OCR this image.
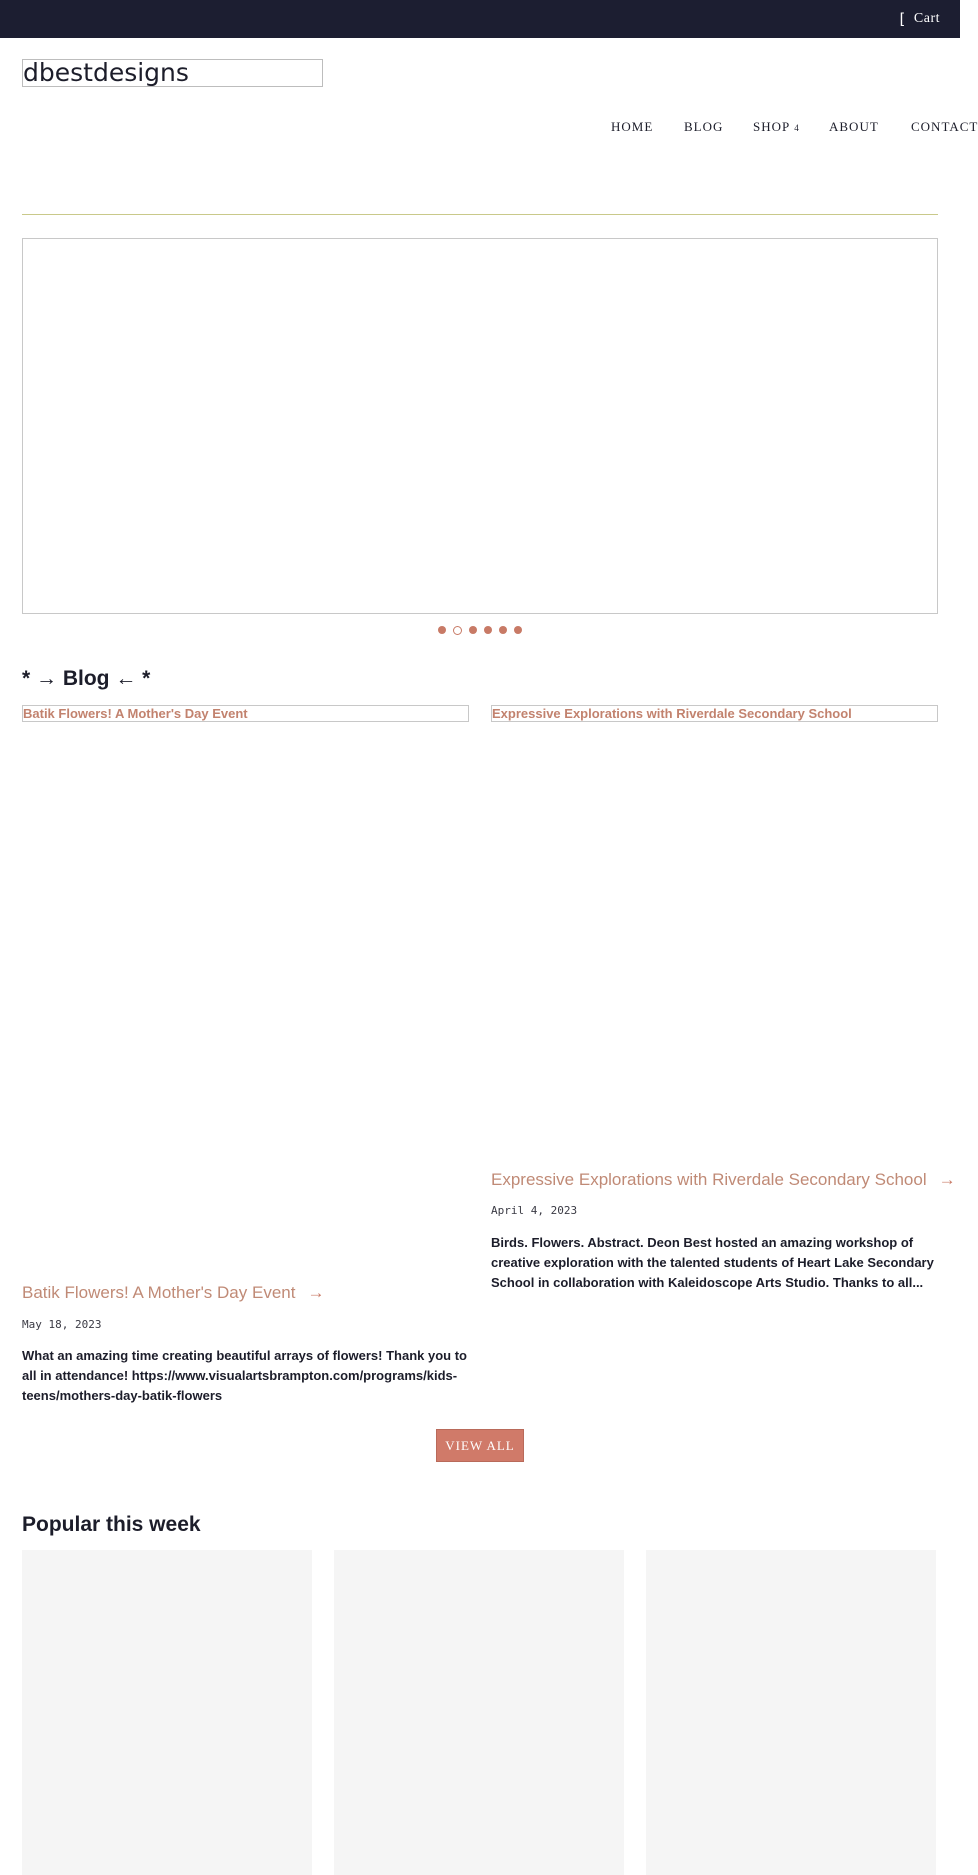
[ Cart
dbestdesigns
HOME BLOG SHOP 4 ABOUT CONTACT
* → Blog ← *
Batik Flowers! A Mother's Day Event	Expressive Explorations with Riverdale Secondary School
Expressive Explorations with Riverdale Secondary School →
April 4, 2023

Birds. Flowers. Abstract. Deon Best hosted an amazing workshop of creative exploration with the talented students of Heart Lake Secondary School in collaboration with Kaleidoscope Arts Studio. Thanks to all...

Batik Flowers! A Mother's Day Event →
May 18, 2023

What an amazing time creating beautiful arrays of flowers! Thank you to all in attendance! https://www.visualartsbrampton.com/programs/kids-teens/mothers-day-batik-flowers

VIEW ALL
Popular this week
